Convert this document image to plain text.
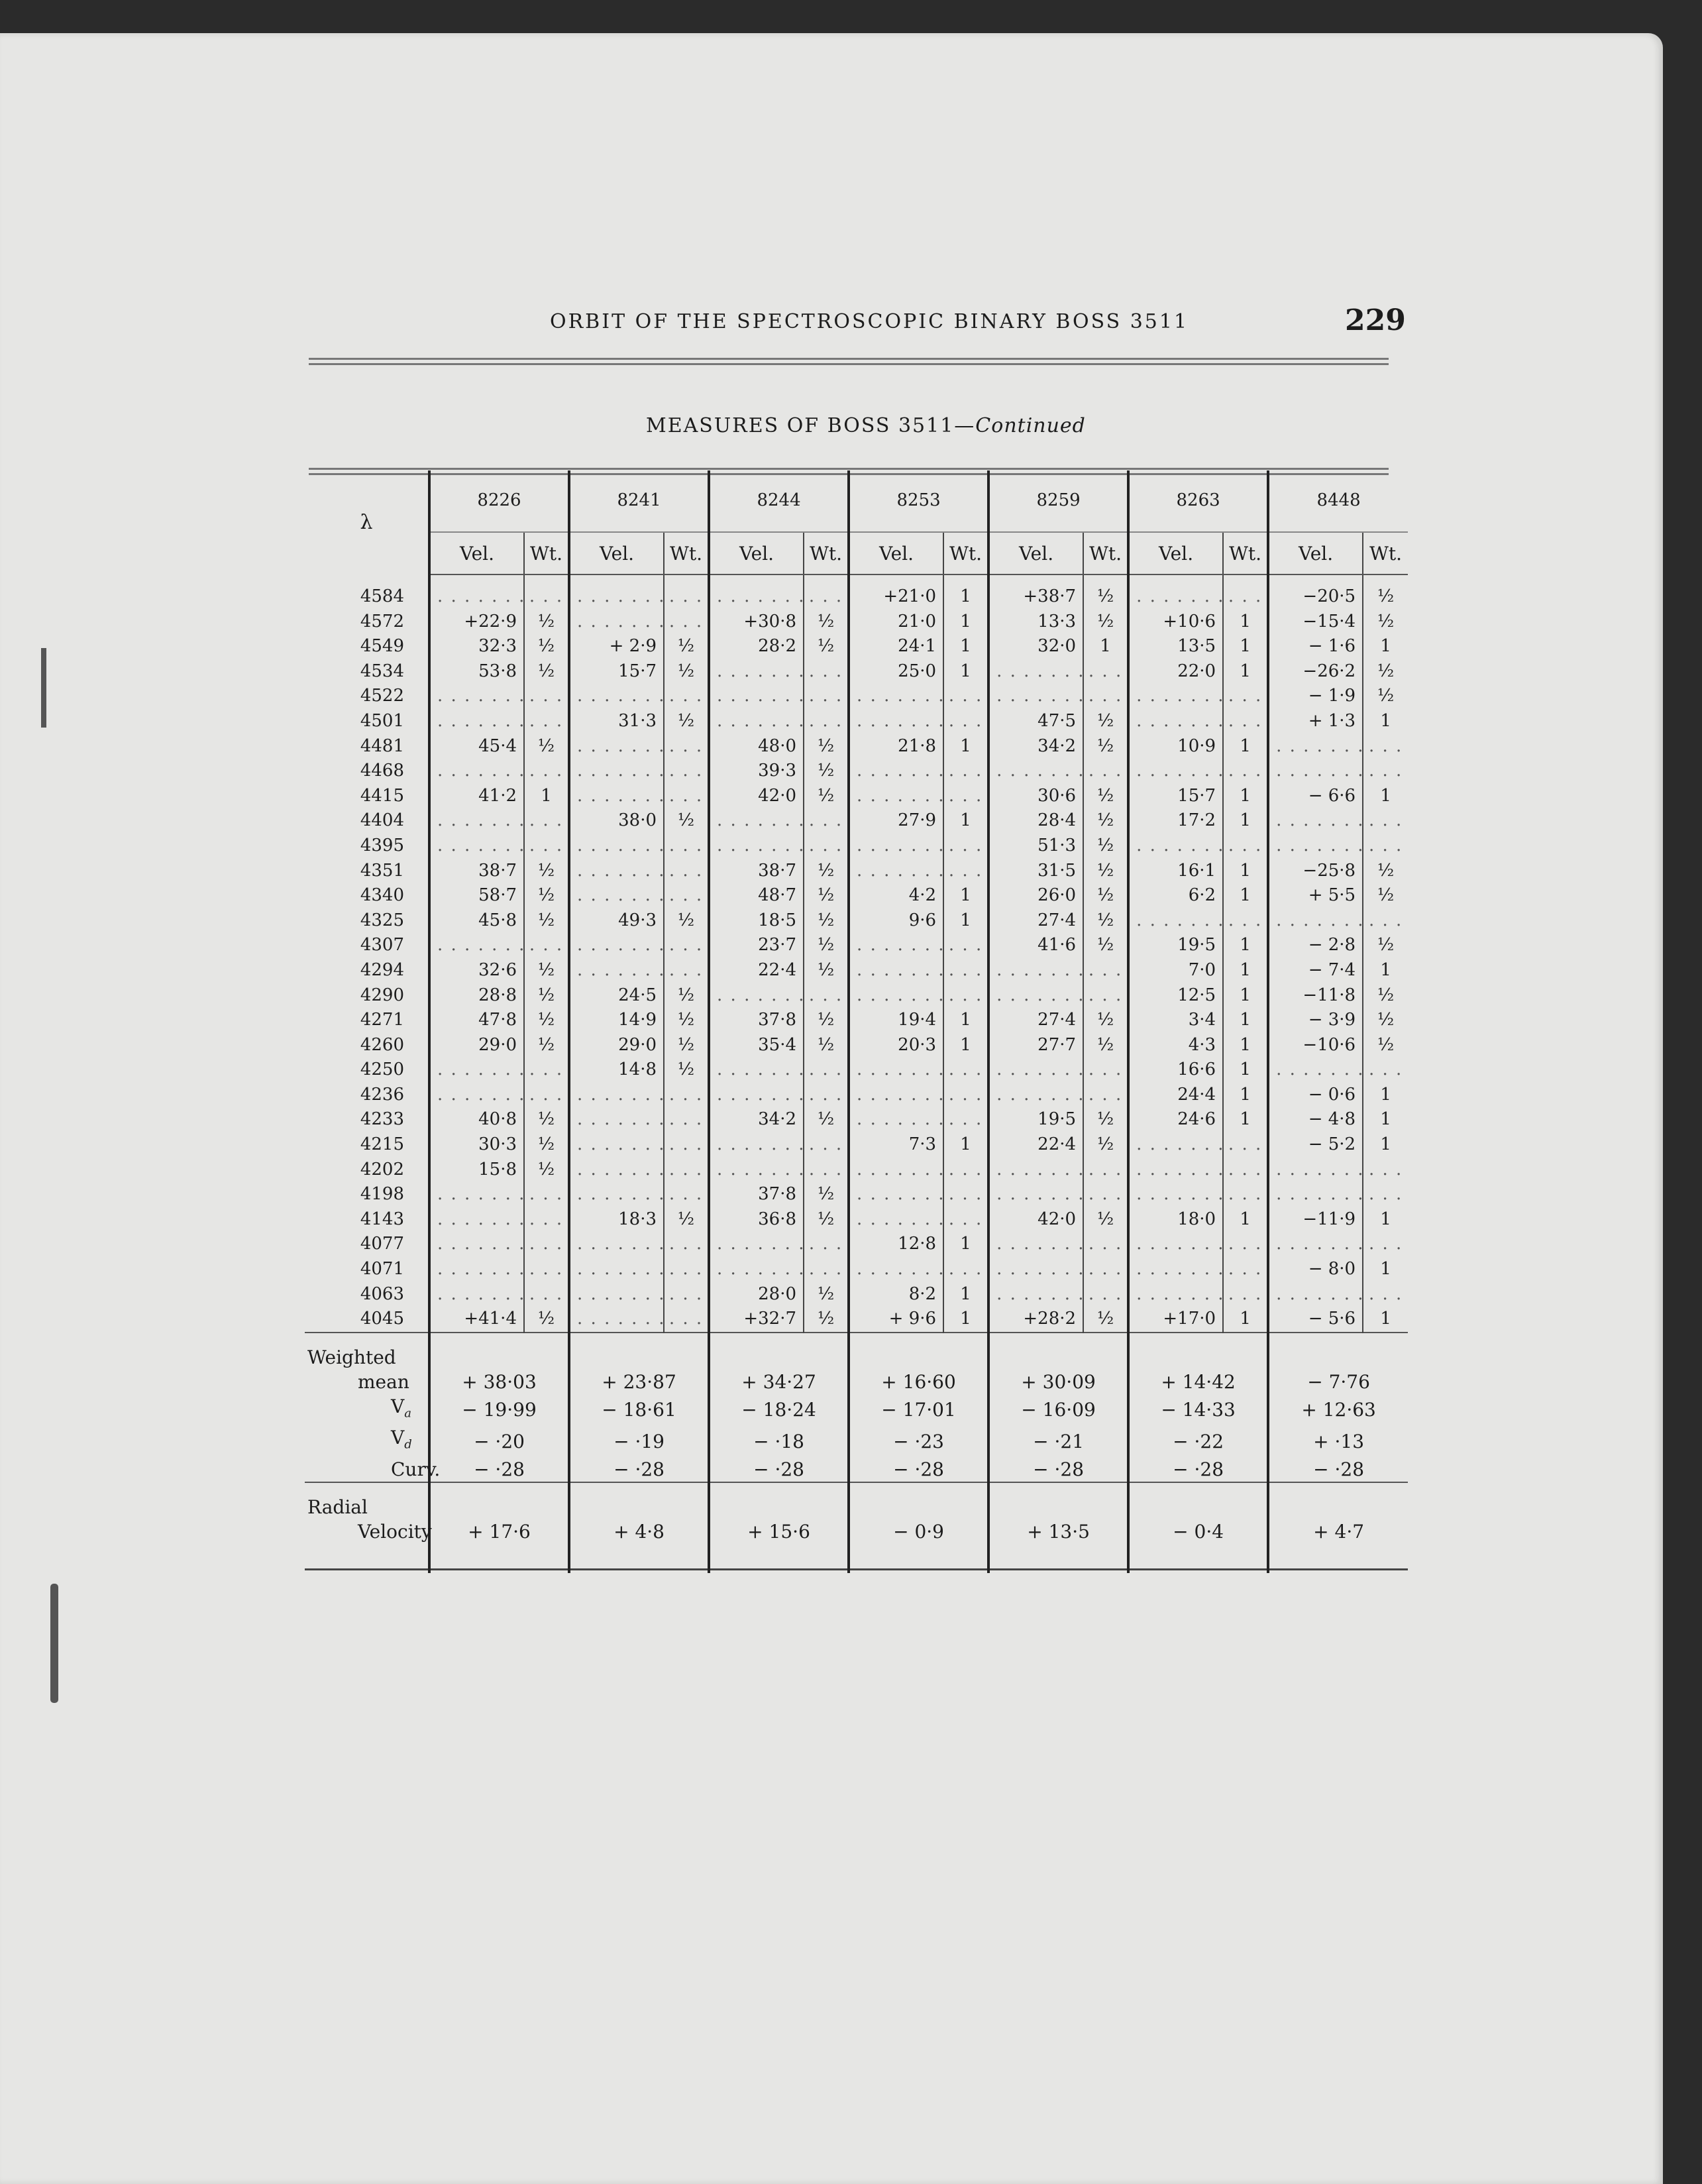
ORBIT OF THE SPECTROSCOPIC BINARY BOSS 3511	229
MEASURES OF BOSS 3511—Continued
λ	8226		8241		8244		8253		8259		8263		8448	
	Vel.	Wt.	Vel.	Wt.	Vel.	Wt.	Vel.	Wt.	Vel.	Wt.	Vel.	Wt.	Vel.	Wt.
4584	. . . . . . .	. . .	. . . . . . .	. . .	. . . . . . .	. . .	+21·0	1	+38·7	½	. . . . . . .	. . .	−20·5	½
4572	+22·9	½	. . . . . . .	. . .	+30·8	½	21·0	1	13·3	½	+10·6	1	−15·4	½
4549	32·3	½	+ 2·9	½	28·2	½	24·1	1	32·0	1	13·5	1	− 1·6	1
4534	53·8	½	15·7	½	. . . . . . .	. . .	25·0	1	. . . . . . .	. . .	22·0	1	−26·2	½
4522	. . . . . . .	. . .	. . . . . . .	. . .	. . . . . . .	. . .	. . . . . . .	. . .	. . . . . . .	. . .	. . . . . . .	. . .	− 1·9	½
4501	. . . . . . .	. . .	31·3	½	. . . . . . .	. . .	. . . . . . .	. . .	47·5	½	. . . . . . .	. . .	+ 1·3	1
4481	45·4	½	. . . . . . .	. . .	48·0	½	21·8	1	34·2	½	10·9	1	. . . . . . .	. . .
4468	. . . . . . .	. . .	. . . . . . .	. . .	39·3	½	. . . . . . .	. . .	. . . . . . .	. . .	. . . . . . .	. . .	. . . . . . .	. . .
4415	41·2	1	. . . . . . .	. . .	42·0	½	. . . . . . .	. . .	30·6	½	15·7	1	− 6·6	1
4404	. . . . . . .	. . .	38·0	½	. . . . . . .	. . .	27·9	1	28·4	½	17·2	1	. . . . . . .	. . .
4395	. . . . . . .	. . .	. . . . . . .	. . .	. . . . . . .	. . .	. . . . . . .	. . .	51·3	½	. . . . . . .	. . .	. . . . . . .	. . .
4351	38·7	½	. . . . . . .	. . .	38·7	½	. . . . . . .	. . .	31·5	½	16·1	1	−25·8	½
4340	58·7	½	. . . . . . .	. . .	48·7	½	4·2	1	26·0	½	6·2	1	+ 5·5	½
4325	45·8	½	49·3	½	18·5	½	9·6	1	27·4	½	. . . . . . .	. . .	. . . . . . .	. . .
4307	. . . . . . .	. . .	. . . . . . .	. . .	23·7	½	. . . . . . .	. . .	41·6	½	19·5	1	− 2·8	½
4294	32·6	½	. . . . . . .	. . .	22·4	½	. . . . . . .	. . .	. . . . . . .	. . .	7·0	1	− 7·4	1
4290	28·8	½	24·5	½	. . . . . . .	. . .	. . . . . . .	. . .	. . . . . . .	. . .	12·5	1	−11·8	½
4271	47·8	½	14·9	½	37·8	½	19·4	1	27·4	½	3·4	1	− 3·9	½
4260	29·0	½	29·0	½	35·4	½	20·3	1	27·7	½	4·3	1	−10·6	½
4250	. . . . . . .	. . .	14·8	½	. . . . . . .	. . .	. . . . . . .	. . .	. . . . . . .	. . .	16·6	1	. . . . . . .	. . .
4236	. . . . . . .	. . .	. . . . . . .	. . .	. . . . . . .	. . .	. . . . . . .	. . .	. . . . . . .	. . .	24·4	1	− 0·6	1
4233	40·8	½	. . . . . . .	. . .	34·2	½	. . . . . . .	. . .	19·5	½	24·6	1	− 4·8	1
4215	30·3	½	. . . . . . .	. . .	. . . . . . .	. . .	7·3	1	22·4	½	. . . . . . .	. . .	− 5·2	1
4202	15·8	½	. . . . . . .	. . .	. . . . . . .	. . .	. . . . . . .	. . .	. . . . . . .	. . .	. . . . . . .	. . .	. . . . . . .	. . .
4198	. . . . . . .	. . .	. . . . . . .	. . .	37·8	½	. . . . . . .	. . .	. . . . . . .	. . .	. . . . . . .	. . .	. . . . . . .	. . .
4143	. . . . . . .	. . .	18·3	½	36·8	½	. . . . . . .	. . .	42·0	½	18·0	1	−11·9	1
4077	. . . . . . .	. . .	. . . . . . .	. . .	. . . . . . .	. . .	12·8	1	. . . . . . .	. . .	. . . . . . .	. . .	. . . . . . .	. . .
4071	. . . . . . .	. . .	. . . . . . .	. . .	. . . . . . .	. . .	. . . . . . .	. . .	. . . . . . .	. . .	. . . . . . .	. . .	− 8·0	1
4063	. . . . . . .	. . .	. . . . . . .	. . .	28·0	½	8·2	1	. . . . . . .	. . .	. . . . . . .	. . .	. . . . . . .	. . .
4045	+41·4	½	. . . . . . .	. . .	+32·7	½	+ 9·6	1	+28·2	½	+17·0	1	− 5·6	1

Weighted														
mean	+ 38·03		+ 23·87		+ 34·27		+ 16·60		+ 30·09		+ 14·42		− 7·76	
$V_a$	− 19·99		− 18·61		− 18·24		− 17·01		− 16·09		− 14·33		+ 12·63	
$V_d$	− ·20		− ·19		− ·18		− ·23		− ·21		− ·22		+ ·13	
Curv.	− ·28		− ·28		− ·28		− ·28		− ·28		− ·28		− ·28	

Radial														
Velocity	+ 17·6		+ 4·8		+ 15·6		− 0·9		+ 13·5		− 0·4		+ 4·7	
